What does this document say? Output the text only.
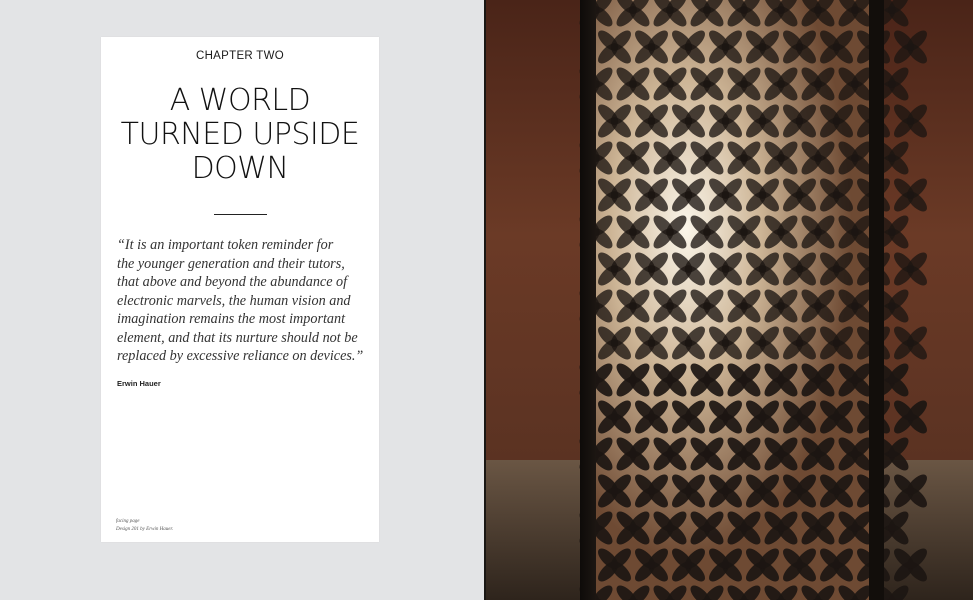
CHAPTER TWO
A WORLD
TURNED UPSIDE
DOWN
“It is an important token reminder for
the younger generation and their tutors,
that above and beyond the abundance of
electronic marvels, the human vision and
imagination remains the most important
element, and that its nurture should not be
replaced by excessive reliance on devices.”
Erwin Hauer
facing page
Design 201 by Erwin Hauer.
